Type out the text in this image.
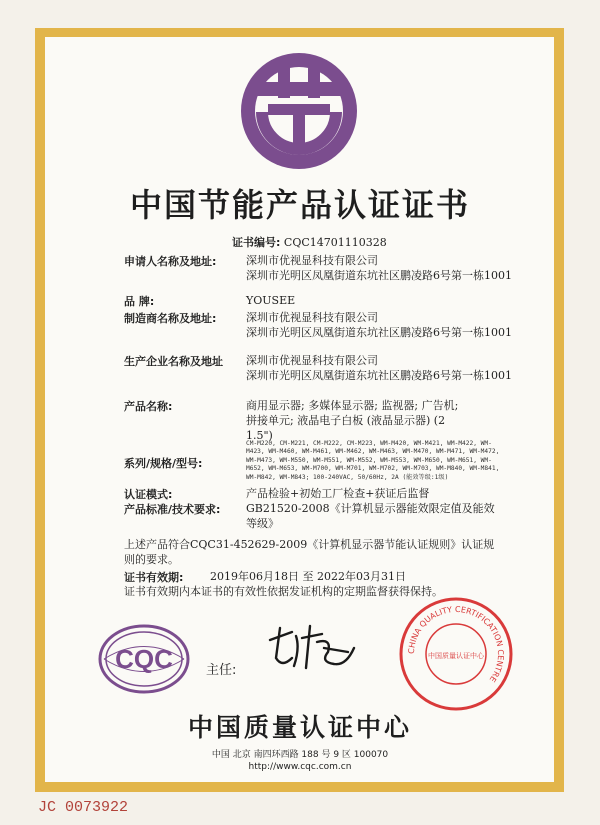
中国节能产品认证证书
证书编号: CQC14701110328
申请人名称及地址:	深圳市优视显科技有限公司
深圳市光明区凤凰街道东坑社区鹏凌路6号第一栋1001
品 牌:	YOUSEE
制造商名称及地址:	深圳市优视显科技有限公司
深圳市光明区凤凰街道东坑社区鹏凌路6号第一栋1001
生产企业名称及地址 深圳市优视显科技有限公司
深圳市光明区凤凰街道东坑社区鹏凌路6号第一栋1001
产品名称:	商用显示器; 多媒体显示器; 监视器; 广告机;
拼接单元; 液晶电子白板 (液晶显示器) (2
1.5")
系列/规格/型号:
CM-M220, CM-M221, CM-M222, CM-M223, WM-M420, WM-M421, WM-M422, WM-M423, WM-M460, WM-M461, WM-M462, WM-M463, WM-M470, WM-M471, WM-M472, WM-M473, WM-M550, WM-M551, WM-M552, WM-M553, WM-M650, WM-M651, WM-M652, WM-M653, WM-M700, WM-M701, WM-M702, WM-M703, WM-M840, WM-M841, WM-M842, WM-M843; 100-240VAC, 50/60Hz, 2A (能效等级:1级)
认证模式:	产品检验+初始工厂检查+获证后监督
产品标准/技术要求: GB21520-2008《计算机显示器能效限定值及能效
等级》
上述产品符合CQC31-452629-2009《计算机显示器节能认证规则》认证规
则的要求。
证书有效期: 2019年06月18日 至 2022年03月31日
证书有效期内本证书的有效性依据发证机构的定期监督获得保持。
CQC	主任:
CHINA QUALITY CERTIFICATION CENTRE
中国质量认证中心
中国质量认证中心
中国 北京 南四环西路 188 号 9 区 100070
http://www.cqc.com.cn
JC 0073922
